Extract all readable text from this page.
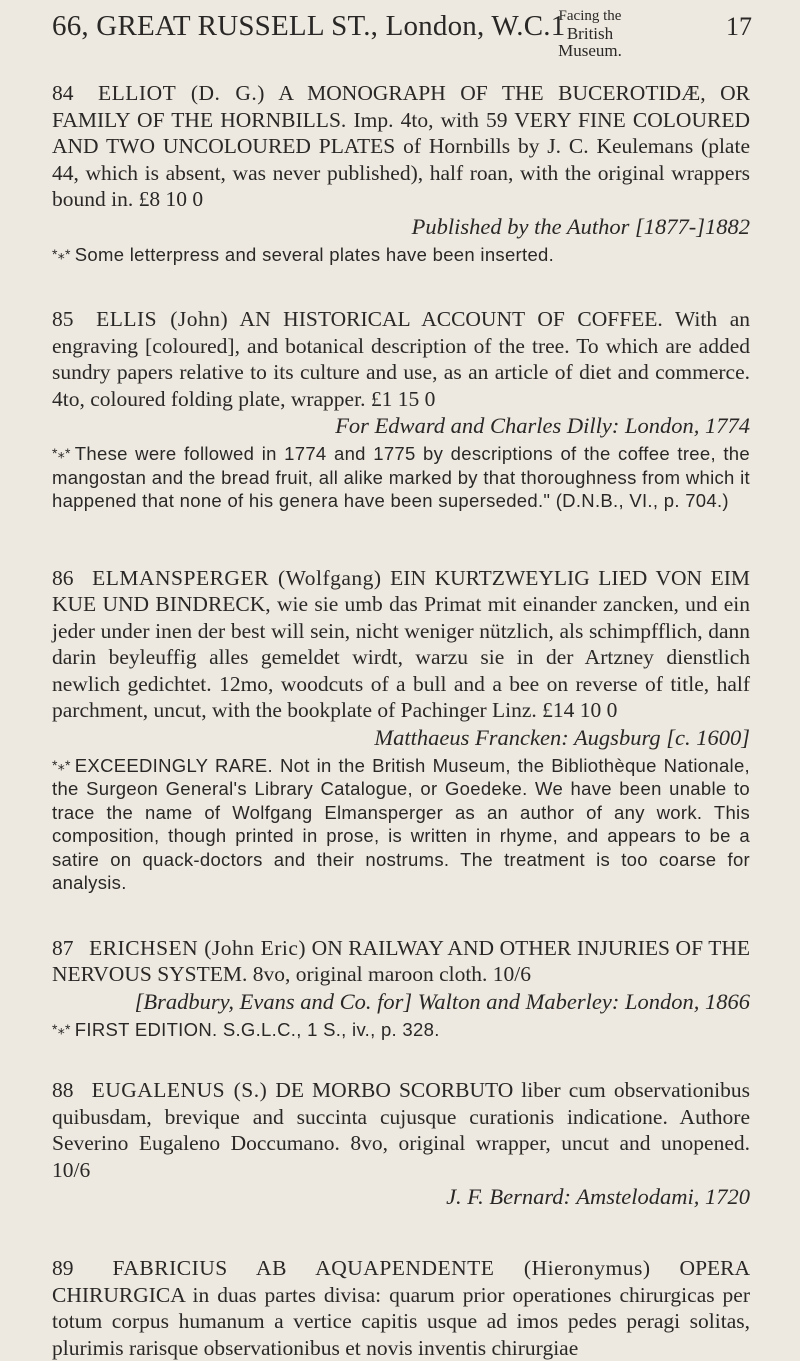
66, GREAT RUSSELL ST., London, W.C.1
Facing the
British Museum.
17

84 ELLIOT (D. G.) A MONOGRAPH OF THE BUCEROTIDÆ, OR FAMILY OF THE HORNBILLS. Imp. 4to, with 59 VERY FINE COLOURED AND TWO UNCOLOURED PLATES of Hornbills by J. C. Keulemans (plate 44, which is absent, was never published), half roan, with the original wrappers bound in. £8 10 0

Published by the Author [1877-]1882

*⁎* Some letterpress and several plates have been inserted.

85 ELLIS (John) AN HISTORICAL ACCOUNT OF COFFEE. With an engraving [coloured], and botanical description of the tree. To which are added sundry papers relative to its culture and use, as an article of diet and commerce. 4to, coloured folding plate, wrapper. £1 15 0

For Edward and Charles Dilly: London, 1774

*⁎* These were followed in 1774 and 1775 by descriptions of the coffee tree, the mangostan and the bread fruit, all alike marked by that thoroughness from which it happened that none of his genera have been superseded." (D.N.B., VI., p. 704.)

86 ELMANSPERGER (Wolfgang) EIN KURTZWEYLIG LIED VON EIM KUE UND BINDRECK, wie sie umb das Primat mit einander zancken, und ein jeder under inen der best will sein, nicht weniger nützlich, als schimpfflich, dann darin beyleuffig alles gemeldet wirdt, warzu sie in der Artzney dienstlich newlich gedichtet. 12mo, woodcuts of a bull and a bee on reverse of title, half parchment, uncut, with the bookplate of Pachinger Linz. £14 10 0

Matthaeus Francken: Augsburg [c. 1600]

*⁎* EXCEEDINGLY RARE. Not in the British Museum, the Bibliothèque Nationale, the Surgeon General's Library Catalogue, or Goedeke. We have been unable to trace the name of Wolfgang Elmansperger as an author of any work. This composition, though printed in prose, is written in rhyme, and appears to be a satire on quack-doctors and their nostrums. The treatment is too coarse for analysis.

87 ERICHSEN (John Eric) ON RAILWAY AND OTHER INJURIES OF THE NERVOUS SYSTEM. 8vo, original maroon cloth. 10/6

[Bradbury, Evans and Co. for] Walton and Maberley: London, 1866

*⁎* FIRST EDITION. S.G.L.C., 1 S., iv., p. 328.

88 EUGALENUS (S.) DE MORBO SCORBUTO liber cum observationibus quibusdam, brevique and succinta cujusque curationis indicatione. Authore Severino Eugaleno Doccumano. 8vo, original wrapper, uncut and unopened. 10/6

J. F. Bernard: Amstelodami, 1720

89 FABRICIUS AB AQUAPENDENTE (Hieronymus) OPERA CHIRURGICA in duas partes divisa: quarum prior operationes chirurgicas per totum corpus humanum a vertice capitis usque ad imos pedes peragi solitas, plurimis rarisque observationibus et novis inventis chirurgiae
